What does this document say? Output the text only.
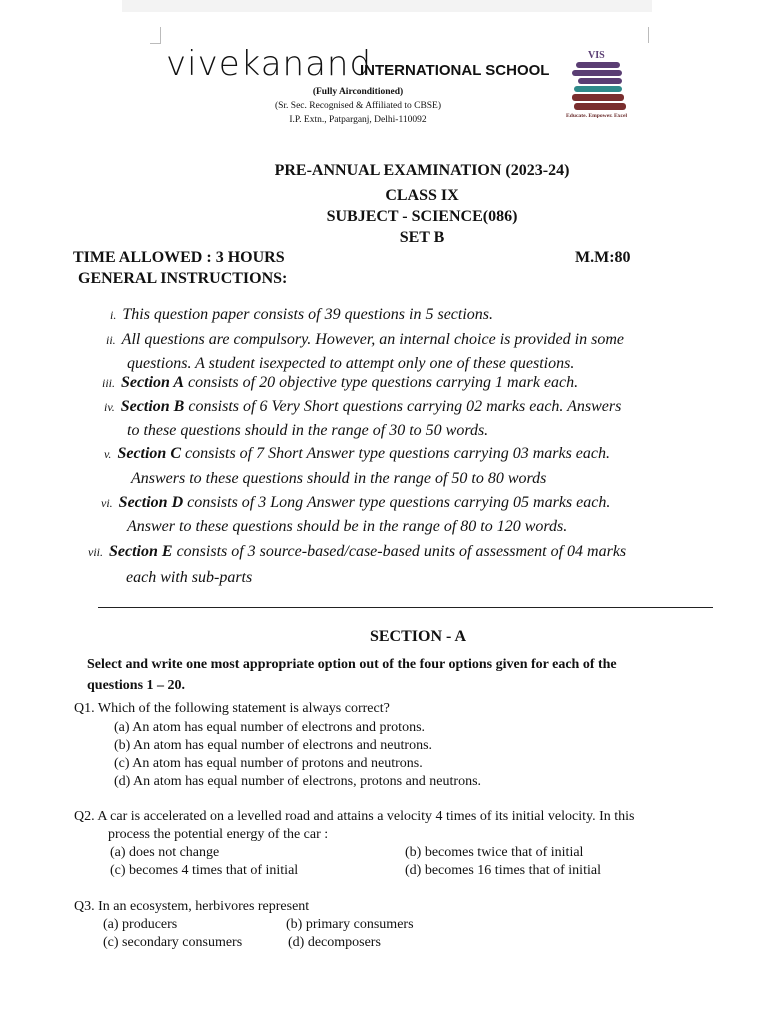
vivekanand
INTERNATIONAL SCHOOL
(Fully Airconditioned)
(Sr. Sec. Recognised & Affiliated to CBSE)
I.P. Extn., Patparganj, Delhi-110092
VIS
Educate. Empower. Excel
PRE-ANNUAL EXAMINATION (2023-24)
CLASS IX
SUBJECT - SCIENCE(086)
SET B
TIME ALLOWED : 3 HOURS	M.M:80
GENERAL INSTRUCTIONS:
i. This question paper consists of 39 questions in 5 sections.
ii. All questions are compulsory. However, an internal choice is provided in some
questions. A student isexpected to attempt only one of these questions.
iii. Section A consists of 20 objective type questions carrying 1 mark each.
iv. Section B consists of 6 Very Short questions carrying 02 marks each. Answers
to these questions should in the range of 30 to 50 words.
v. Section C consists of 7 Short Answer type questions carrying 03 marks each.
Answers to these questions should in the range of 50 to 80 words
vi. Section D consists of 3 Long Answer type questions carrying 05 marks each.
Answer to these questions should be in the range of 80 to 120 words.
vii. Section E consists of 3 source-based/case-based units of assessment of 04 marks
each with sub-parts
SECTION - A
Select and write one most appropriate option out of the four options given for each of the
questions 1 – 20.
Q1. Which of the following statement is always correct?
(a) An atom has equal number of electrons and protons.
(b) An atom has equal number of electrons and neutrons.
(c) An atom has equal number of protons and neutrons.
(d) An atom has equal number of electrons, protons and neutrons.
Q2. A car is accelerated on a levelled road and attains a velocity 4 times of its initial velocity. In this
process the potential energy of the car :
(a) does not change	(b) becomes twice that of initial
(c) becomes 4 times that of initial	(d) becomes 16 times that of initial
Q3. In an ecosystem, herbivores represent
(a) producers	(b) primary consumers
(c) secondary consumers	(d) decomposers
